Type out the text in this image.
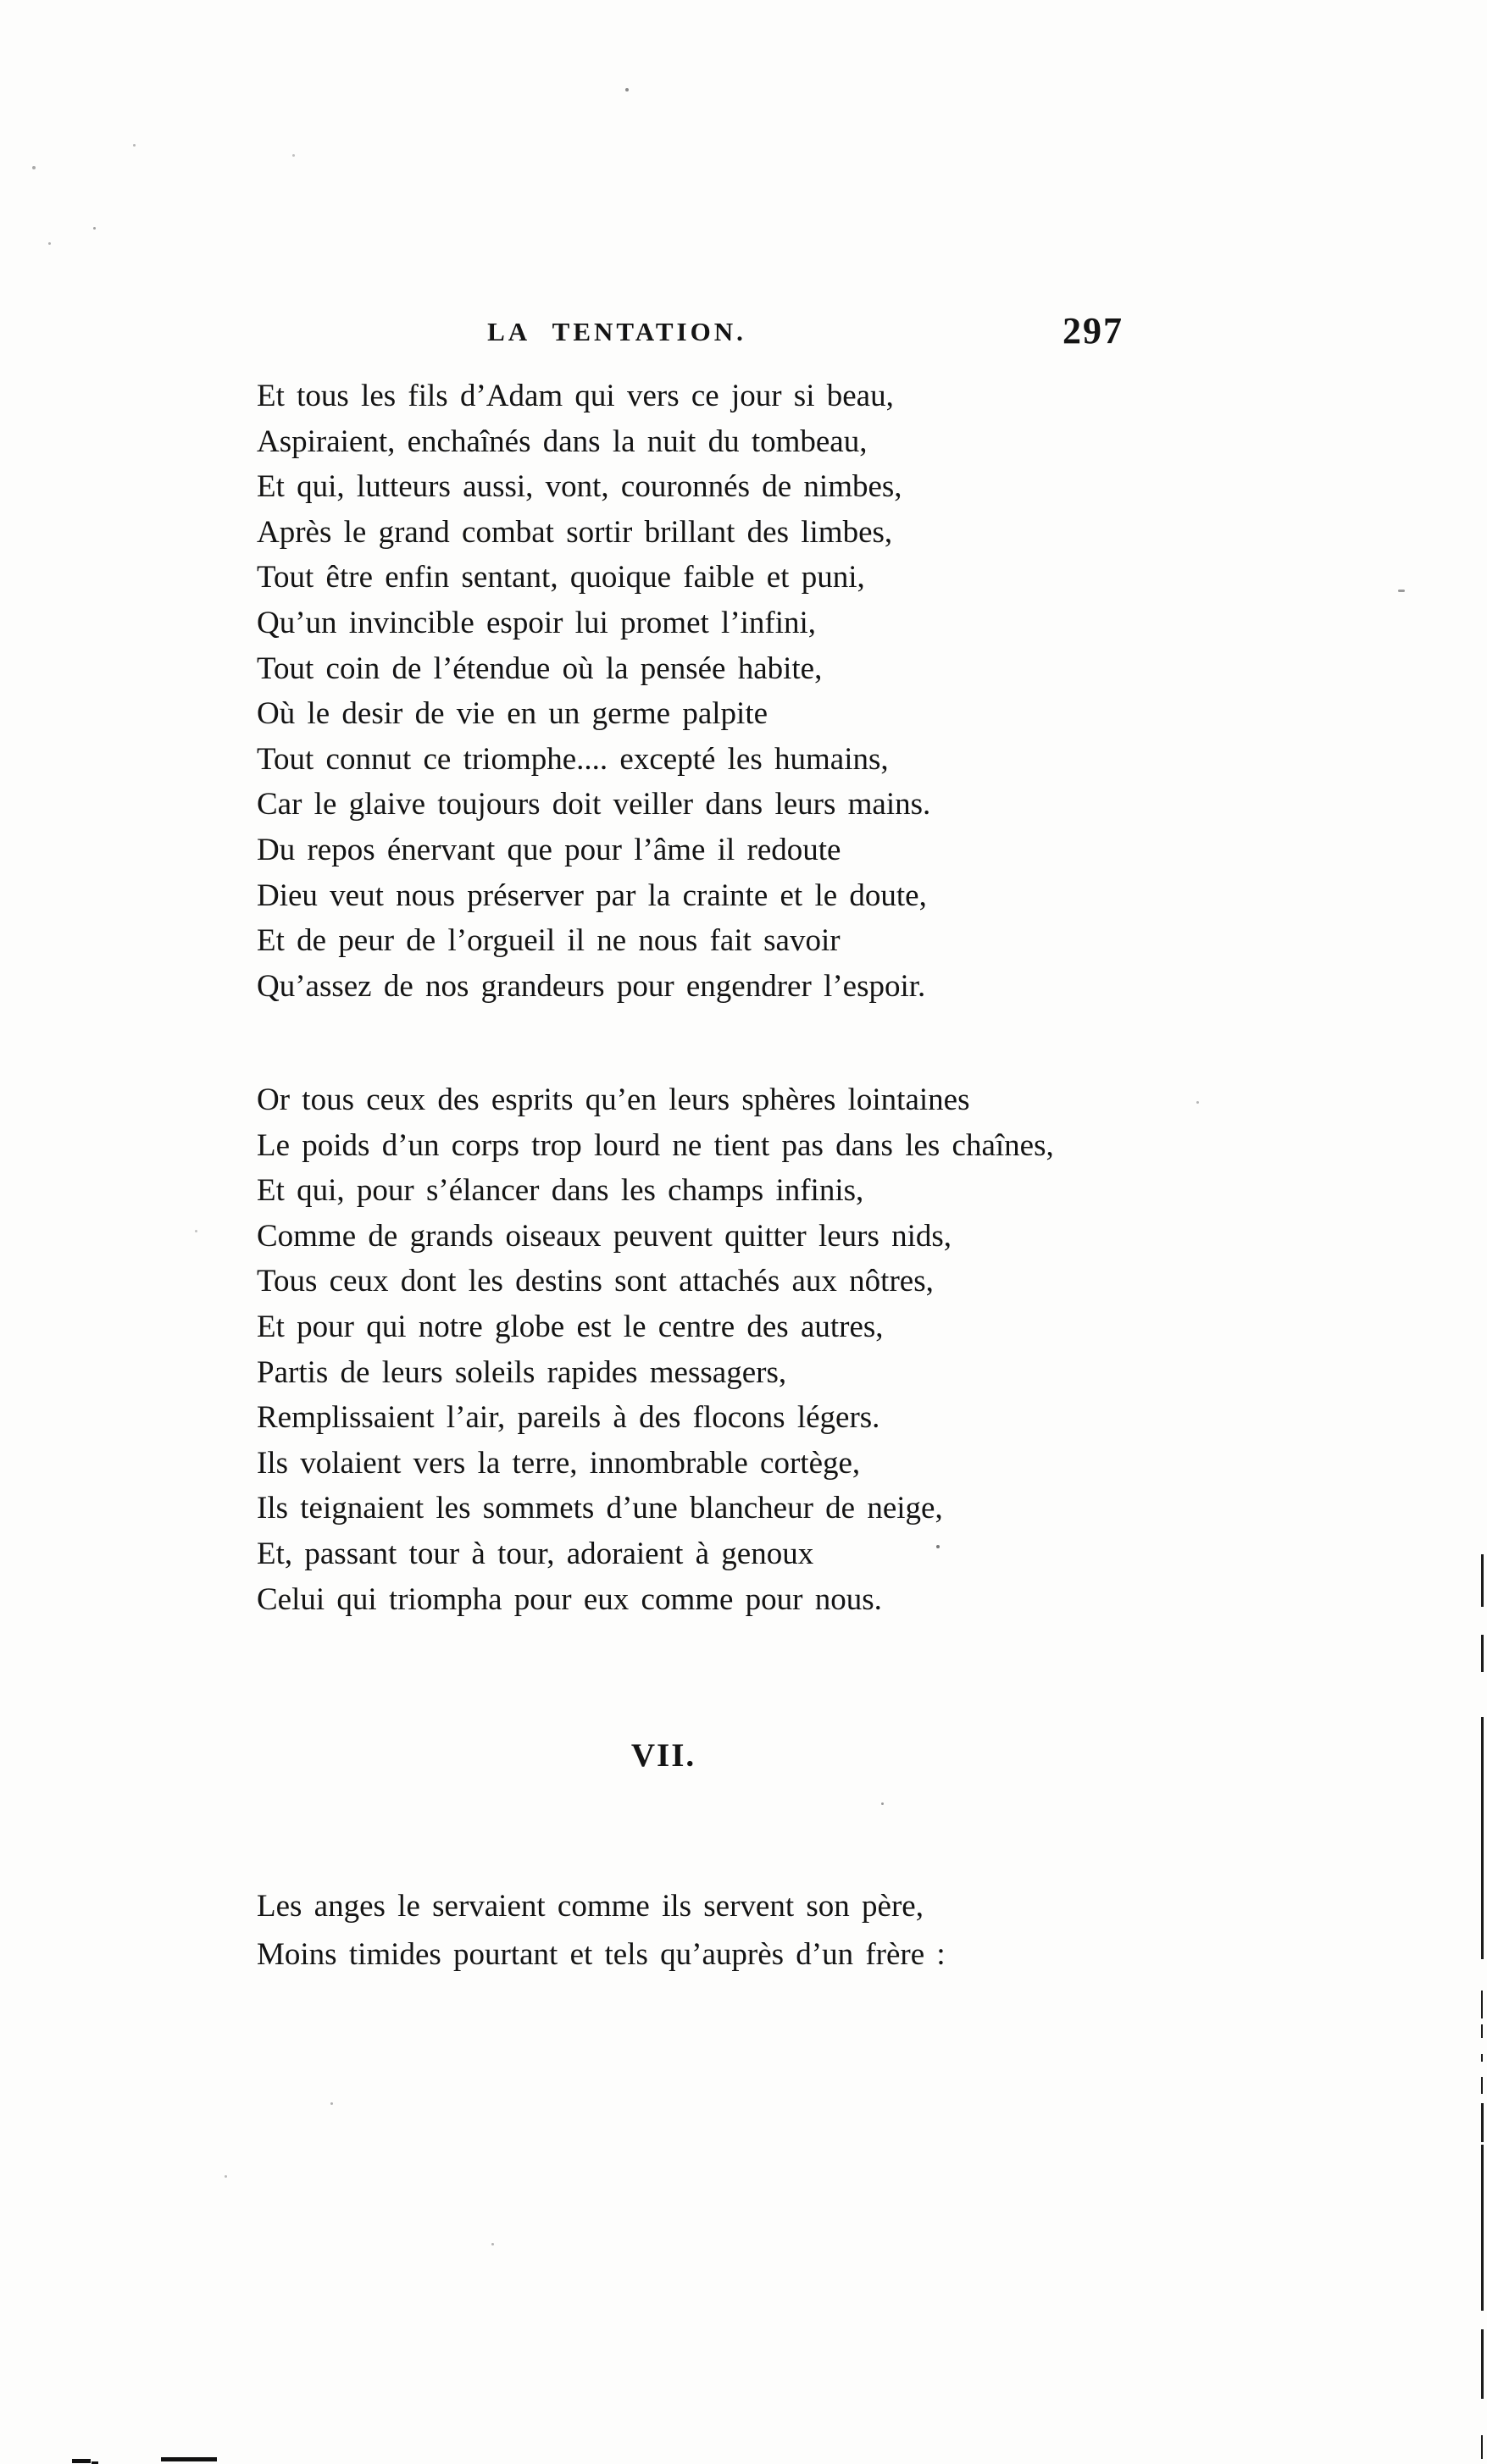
LA TENTATION.	297
Et tous les fils d’Adam qui vers ce jour si beau,
Aspiraient, enchaînés dans la nuit du tombeau,
Et qui, lutteurs aussi, vont, couronnés de nimbes,
Après le grand combat sortir brillant des limbes,
Tout être enfin sentant, quoique faible et puni,
Qu’un invincible espoir lui promet l’infini,
Tout coin de l’étendue où la pensée habite,
Où le desir de vie en un germe palpite
Tout connut ce triomphe.... excepté les humains,
Car le glaive toujours doit veiller dans leurs mains.
Du repos énervant que pour l’âme il redoute
Dieu veut nous préserver par la crainte et le doute,
Et de peur de l’orgueil il ne nous fait savoir
Qu’assez de nos grandeurs pour engendrer l’espoir.
Or tous ceux des esprits qu’en leurs sphères lointaines
Le poids d’un corps trop lourd ne tient pas dans les chaînes,
Et qui, pour s’élancer dans les champs infinis,
Comme de grands oiseaux peuvent quitter leurs nids,
Tous ceux dont les destins sont attachés aux nôtres,
Et pour qui notre globe est le centre des autres,
Partis de leurs soleils rapides messagers,
Remplissaient l’air, pareils à des flocons légers.
Ils volaient vers la terre, innombrable cortège,
Ils teignaient les sommets d’une blancheur de neige,
Et, passant tour à tour, adoraient à genoux
Celui qui triompha pour eux comme pour nous.
VII.
Les anges le servaient comme ils servent son père,
Moins timides pourtant et tels qu’auprès d’un frère :
